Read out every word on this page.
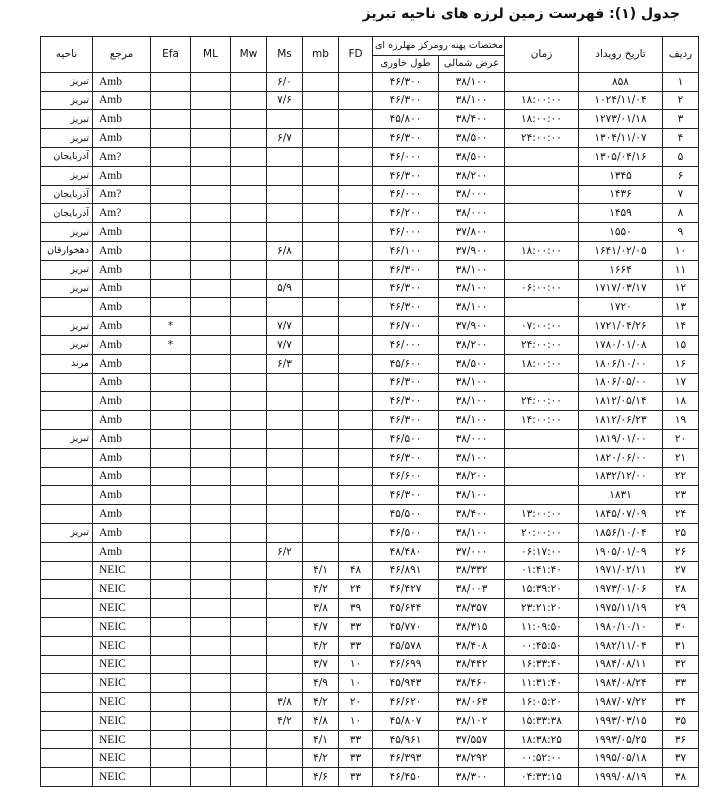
جدول (۱): فهرست زمین لرزه های ناحیه تبریز
ناحیه	مرجع	Efa	ML	Mw	Ms	mb	FD	مختصات پهنه رومرکز مهلرزه ای		زمان	تاریخ رویداد	ردیف
								طول خاوری	عرض شمالی			
تبریز	Amb				۶/۰			۴۶/۳۰۰	۳۸/۱۰۰		۸۵۸	۱
تبریز	Amb				۷/۶			۴۶/۳۰۰	۳۸/۱۰۰	۱۸:۰۰:۰۰	۱۰۲۴/۱۱/۰۴	۲
تبریز	Amb							۴۵/۸۰۰	۳۸/۴۰۰	۱۸:۰۰:۰۰	۱۲۷۳/۰۱/۱۸	۳
تبریز	Amb				۶/۷			۴۶/۳۰۰	۳۸/۵۰۰	۲۴:۰۰:۰۰	۱۳۰۴/۱۱/۰۷	۴
آذربایجان	Am?							۴۶/۰۰۰	۳۸/۵۰۰		۱۳۰۵/۰۴/۱۶	۵
تبریز	Amb							۴۶/۳۰۰	۳۸/۲۰۰		۱۳۴۵	۶
آذربایجان	Am?							۴۶/۰۰۰	۳۸/۰۰۰		۱۴۳۶	۷
آذربایجان	Am?							۴۶/۲۰۰	۳۸/۰۰۰		۱۴۵۹	۸
تبریز	Amb							۴۶/۰۰۰	۳۷/۸۰۰		۱۵۵۰	۹
دهخوارقان	Amb				۶/۸			۴۶/۱۰۰	۳۷/۹۰۰	۱۸:۰۰:۰۰	۱۶۴۱/۰۲/۰۵	۱۰
تبریز	Amb							۴۶/۳۰۰	۳۸/۱۰۰		۱۶۶۴	۱۱
تبریز	Amb				۵/۹			۴۶/۳۰۰	۳۸/۱۰۰	۰۶:۰۰:۰۰	۱۷۱۷/۰۳/۱۷	۱۲
	Amb							۴۶/۳۰۰	۳۸/۱۰۰		۱۷۲۰	۱۳
تبریز	Amb	*			۷/۷			۴۶/۷۰۰	۳۷/۹۰۰	۰۷:۰۰:۰۰	۱۷۲۱/۰۴/۲۶	۱۴
تبریز	Amb	*			۷/۷			۴۶/۰۰۰	۳۸/۲۰۰	۲۴:۰۰:۰۰	۱۷۸۰/۰۱/۰۸	۱۵
مرند	Amb				۶/۳			۴۵/۶۰۰	۳۸/۵۰۰	۱۸:۰۰:۰۰	۱۸۰۶/۱۰/۰۰	۱۶
	Amb							۴۶/۳۰۰	۳۸/۱۰۰		۱۸۰۶/۰۵/۰۰	۱۷
	Amb							۴۶/۳۰۰	۳۸/۱۰۰	۲۴:۰۰:۰۰	۱۸۱۲/۰۵/۱۴	۱۸
	Amb							۴۶/۳۰۰	۳۸/۱۰۰	۱۴:۰۰:۰۰	۱۸۱۲/۰۶/۲۳	۱۹
تبریز	Amb							۴۶/۵۰۰	۳۸/۰۰۰		۱۸۱۹/۰۱/۰۰	۲۰
	Amb							۴۶/۳۰۰	۳۸/۱۰۰		۱۸۲۰/۰۶/۰۰	۲۱
	Amb							۴۶/۶۰۰	۳۸/۲۰۰		۱۸۳۲/۱۲/۰۰	۲۲
	Amb							۴۶/۳۰۰	۳۸/۱۰۰		۱۸۳۱	۲۳
	Amb							۴۵/۵۰۰	۳۸/۴۰۰	۱۳:۰۰:۰۰	۱۸۴۵/۰۷/۰۹	۲۴
تبریز	Amb							۴۶/۵۰۰	۳۸/۱۰۰	۲۰:۰۰:۰۰	۱۸۵۶/۱۰/۰۴	۲۵
	Amb				۶/۲			۴۸/۴۸۰	۳۷/۰۰۰	۰۶:۱۷:۰۰	۱۹۰۵/۰۱/۰۹	۲۶
	NEIC					۴/۱	۴۸	۴۶/۸۹۱	۳۸/۳۳۲	۰۱:۴۱:۴۰	۱۹۷۱/۰۲/۱۱	۲۷
	NEIC					۴/۲	۲۴	۴۶/۴۲۷	۳۸/۰۰۳	۱۵:۳۹:۲۰	۱۹۷۳/۰۱/۰۶	۲۸
	NEIC					۳/۸	۳۹	۴۵/۶۴۴	۳۸/۳۵۷	۲۳:۲۱:۲۰	۱۹۷۵/۱۱/۱۹	۲۹
	NEIC					۴/۷	۳۳	۴۵/۷۷۰	۳۸/۳۱۵	۱۱:۰۹:۵۰	۱۹۸۰/۱۰/۱۰	۳۰
	NEIC					۴/۲	۳۳	۴۵/۵۷۸	۳۸/۴۰۸	۰۰:۴۵:۵۰	۱۹۸۲/۱۱/۰۴	۳۱
	NEIC					۳/۷	۱۰	۴۶/۶۹۹	۳۸/۴۴۲	۱۶:۳۳:۴۰	۱۹۸۴/۰۸/۱۱	۳۲
	NEIC					۴/۹	۱۰	۴۵/۹۴۳	۳۸/۴۶۰	۱۱:۳۱:۴۰	۱۹۸۴/۰۸/۲۴	۳۳
	NEIC				۳/۸	۴/۲	۲۰	۴۶/۶۲۰	۳۸/۰۶۳	۱۶:۰۵:۲۰	۱۹۸۷/۰۷/۲۲	۳۴
	NEIC				۴/۲	۴/۸	۱۰	۴۵/۸۰۷	۳۸/۱۰۲	۱۵:۳۳:۳۸	۱۹۹۳/۰۳/۱۵	۳۵
	NEIC					۴/۱	۳۳	۴۵/۹۶۱	۳۷/۵۵۷	۱۸:۳۸:۲۵	۱۹۹۳/۰۵/۲۵	۳۶
	NEIC					۴/۲	۳۳	۴۶/۳۹۳	۳۸/۲۹۲	۰۰:۵۲:۰۰	۱۹۹۵/۰۵/۱۸	۳۷
	NEIC					۴/۶	۳۳	۴۶/۴۵۰	۳۸/۳۰۰	۰۴:۳۳:۱۵	۱۹۹۹/۰۸/۱۹	۳۸
